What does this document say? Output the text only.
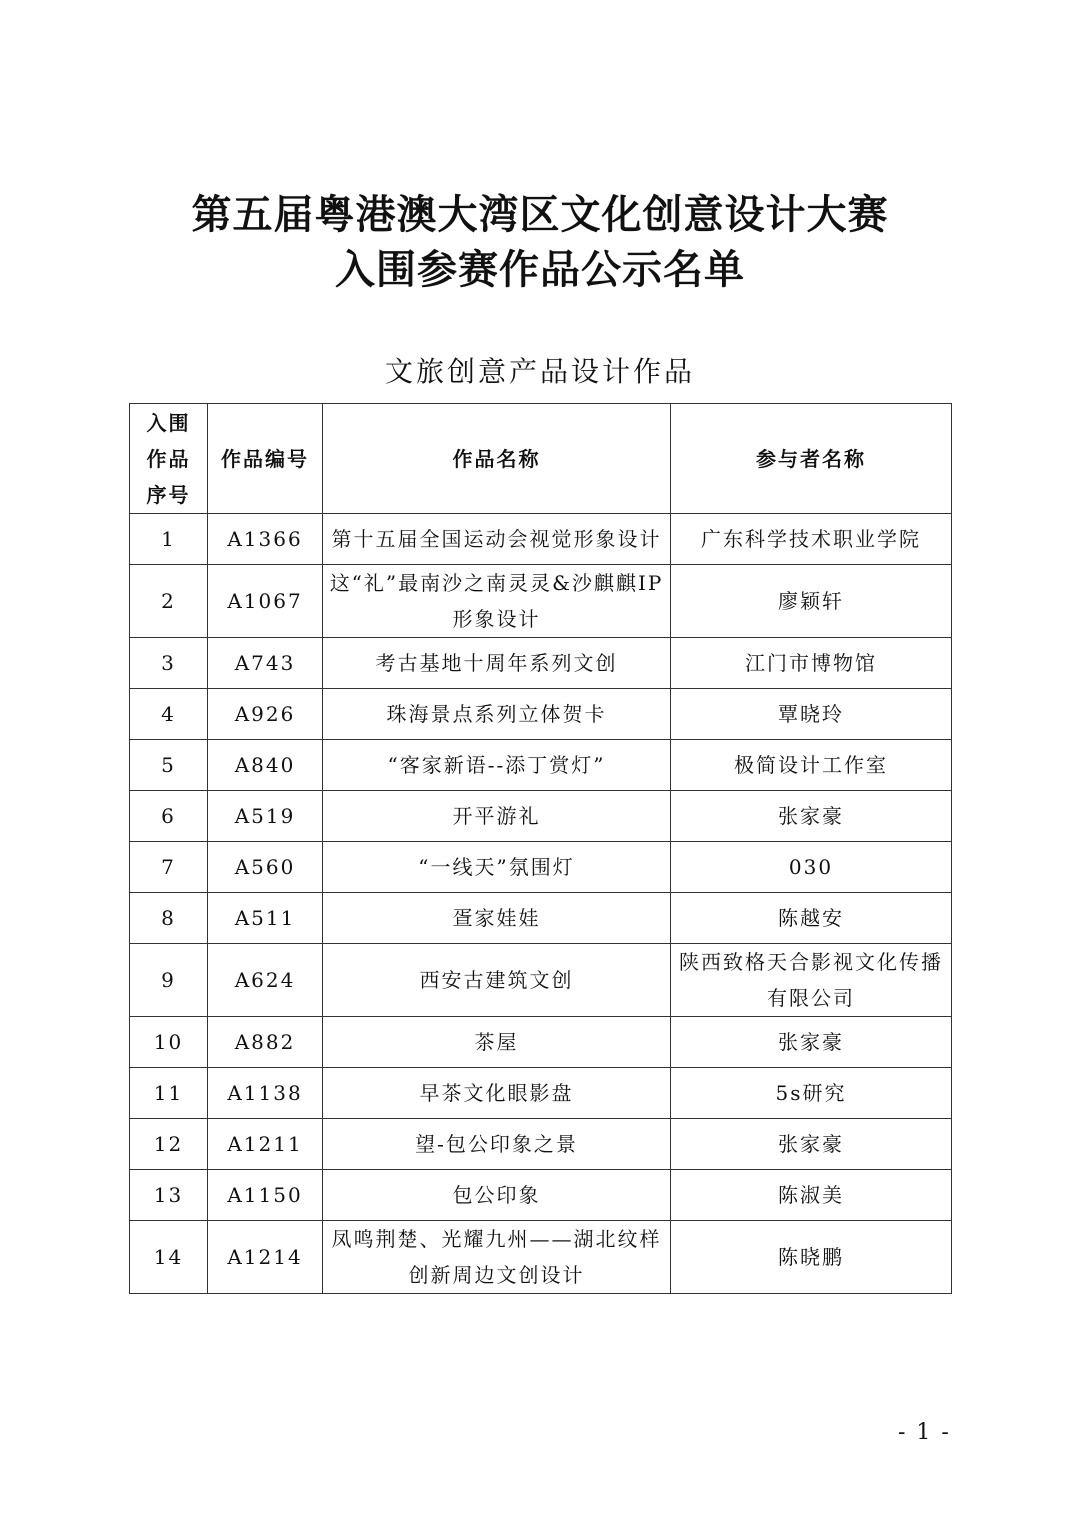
第五届粤港澳大湾区文化创意设计大赛
入围参赛作品公示名单
文旅创意产品设计作品
入围作品序号	作品编号	作品名称	参与者名称
1	A1366	第十五届全国运动会视觉形象设计	广东科学技术职业学院
2	A1067	这“礼”最南沙之南灵灵&沙麒麒IP形象设计	廖颖轩
3	A743	考古基地十周年系列文创	江门市博物馆
4	A926	珠海景点系列立体贺卡	覃晓玲
5	A840	“客家新语--添丁赏灯”	极简设计工作室
6	A519	开平游礼	张家豪
7	A560	“一线天”氛围灯	030
8	A511	疍家娃娃	陈越安
9	A624	西安古建筑文创	陕西致格天合影视文化传播有限公司
10	A882	茶屋	张家豪
11	A1138	早茶文化眼影盘	5s研究
12	A1211	望-包公印象之景	张家豪
13	A1150	包公印象	陈淑美
14	A1214	凤鸣荆楚、光耀九州——湖北纹样创新周边文创设计	陈晓鹏
- 1 -
